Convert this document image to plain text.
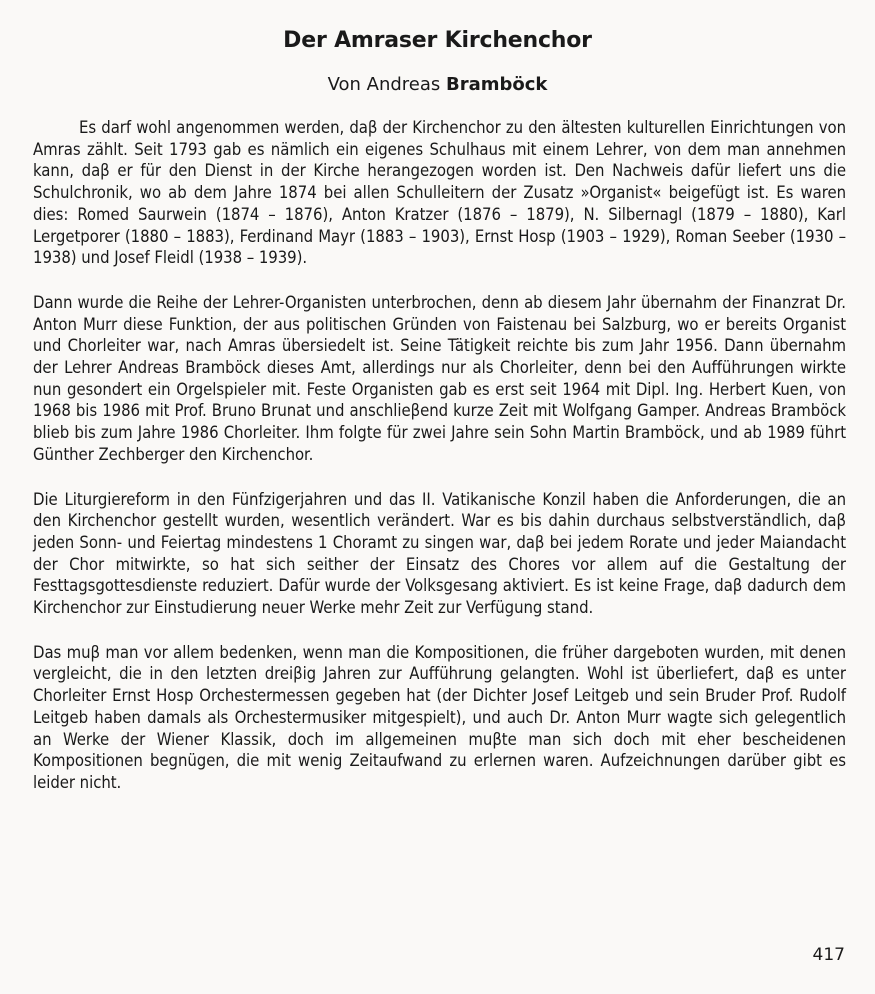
Der Amraser Kirchenchor
Von Andreas Bramböck

Es darf wohl angenommen werden, daβ der Kirchenchor zu den ältesten kulturellen Einrichtungen von Amras zählt. Seit 1793 gab es nämlich ein eigenes Schulhaus mit einem Lehrer, von dem man annehmen kann, daβ er für den Dienst in der Kirche herangezogen worden ist. Den Nachweis dafür liefert uns die Schulchronik, wo ab dem Jahre 1874 bei allen Schulleitern der Zusatz »Organist« beigefügt ist. Es waren dies: Romed Saurwein (1874 – 1876), Anton Kratzer (1876 – 1879), N. Silbernagl (1879 – 1880), Karl Lergetporer (1880 – 1883), Ferdinand Mayr (1883 – 1903), Ernst Hosp (1903 – 1929), Roman Seeber (1930 – 1938) und Josef Fleidl (1938 – 1939).

Dann wurde die Reihe der Lehrer-Organisten unterbrochen, denn ab diesem Jahr übernahm der Finanzrat Dr. Anton Murr diese Funktion, der aus politischen Gründen von Faistenau bei Salzburg, wo er bereits Organist und Chorleiter war, nach Amras übersiedelt ist. Seine Tätigkeit reichte bis zum Jahr 1956. Dann übernahm der Lehrer Andreas Bramböck dieses Amt, allerdings nur als Chorleiter, denn bei den Aufführungen wirkte nun gesondert ein Orgelspieler mit. Feste Organisten gab es erst seit 1964 mit Dipl. Ing. Herbert Kuen, von 1968 bis 1986 mit Prof. Bruno Brunat und anschlieβend kurze Zeit mit Wolfgang Gamper. Andreas Bramböck blieb bis zum Jahre 1986 Chorleiter. Ihm folgte für zwei Jahre sein Sohn Martin Bramböck, und ab 1989 führt Günther Zechberger den Kirchenchor.

Die Liturgiereform in den Fünfzigerjahren und das II. Vatikanische Konzil haben die Anforderungen, die an den Kirchenchor gestellt wurden, wesentlich verändert. War es bis dahin durchaus selbstverständlich, daβ jeden Sonn- und Feiertag mindestens 1 Choramt zu singen war, daβ bei jedem Rorate und jeder Maiandacht der Chor mitwirkte, so hat sich seither der Einsatz des Chores vor allem auf die Gestaltung der Festtagsgottesdienste reduziert. Dafür wurde der Volksgesang aktiviert. Es ist keine Frage, daβ dadurch dem Kirchenchor zur Einstudierung neuer Werke mehr Zeit zur Verfügung stand.

Das muβ man vor allem bedenken, wenn man die Kompositionen, die früher dargeboten wurden, mit denen vergleicht, die in den letzten dreiβig Jahren zur Aufführung gelangten. Wohl ist überliefert, daβ es unter Chorleiter Ernst Hosp Orchestermessen gegeben hat (der Dichter Josef Leitgeb und sein Bruder Prof. Rudolf Leitgeb haben damals als Orchestermusiker mitgespielt), und auch Dr. Anton Murr wagte sich gelegentlich an Werke der Wiener Klassik, doch im allgemeinen muβte man sich doch mit eher bescheidenen Kompositionen begnügen, die mit wenig Zeitaufwand zu erlernen waren. Aufzeichnungen darüber gibt es leider nicht.

417
